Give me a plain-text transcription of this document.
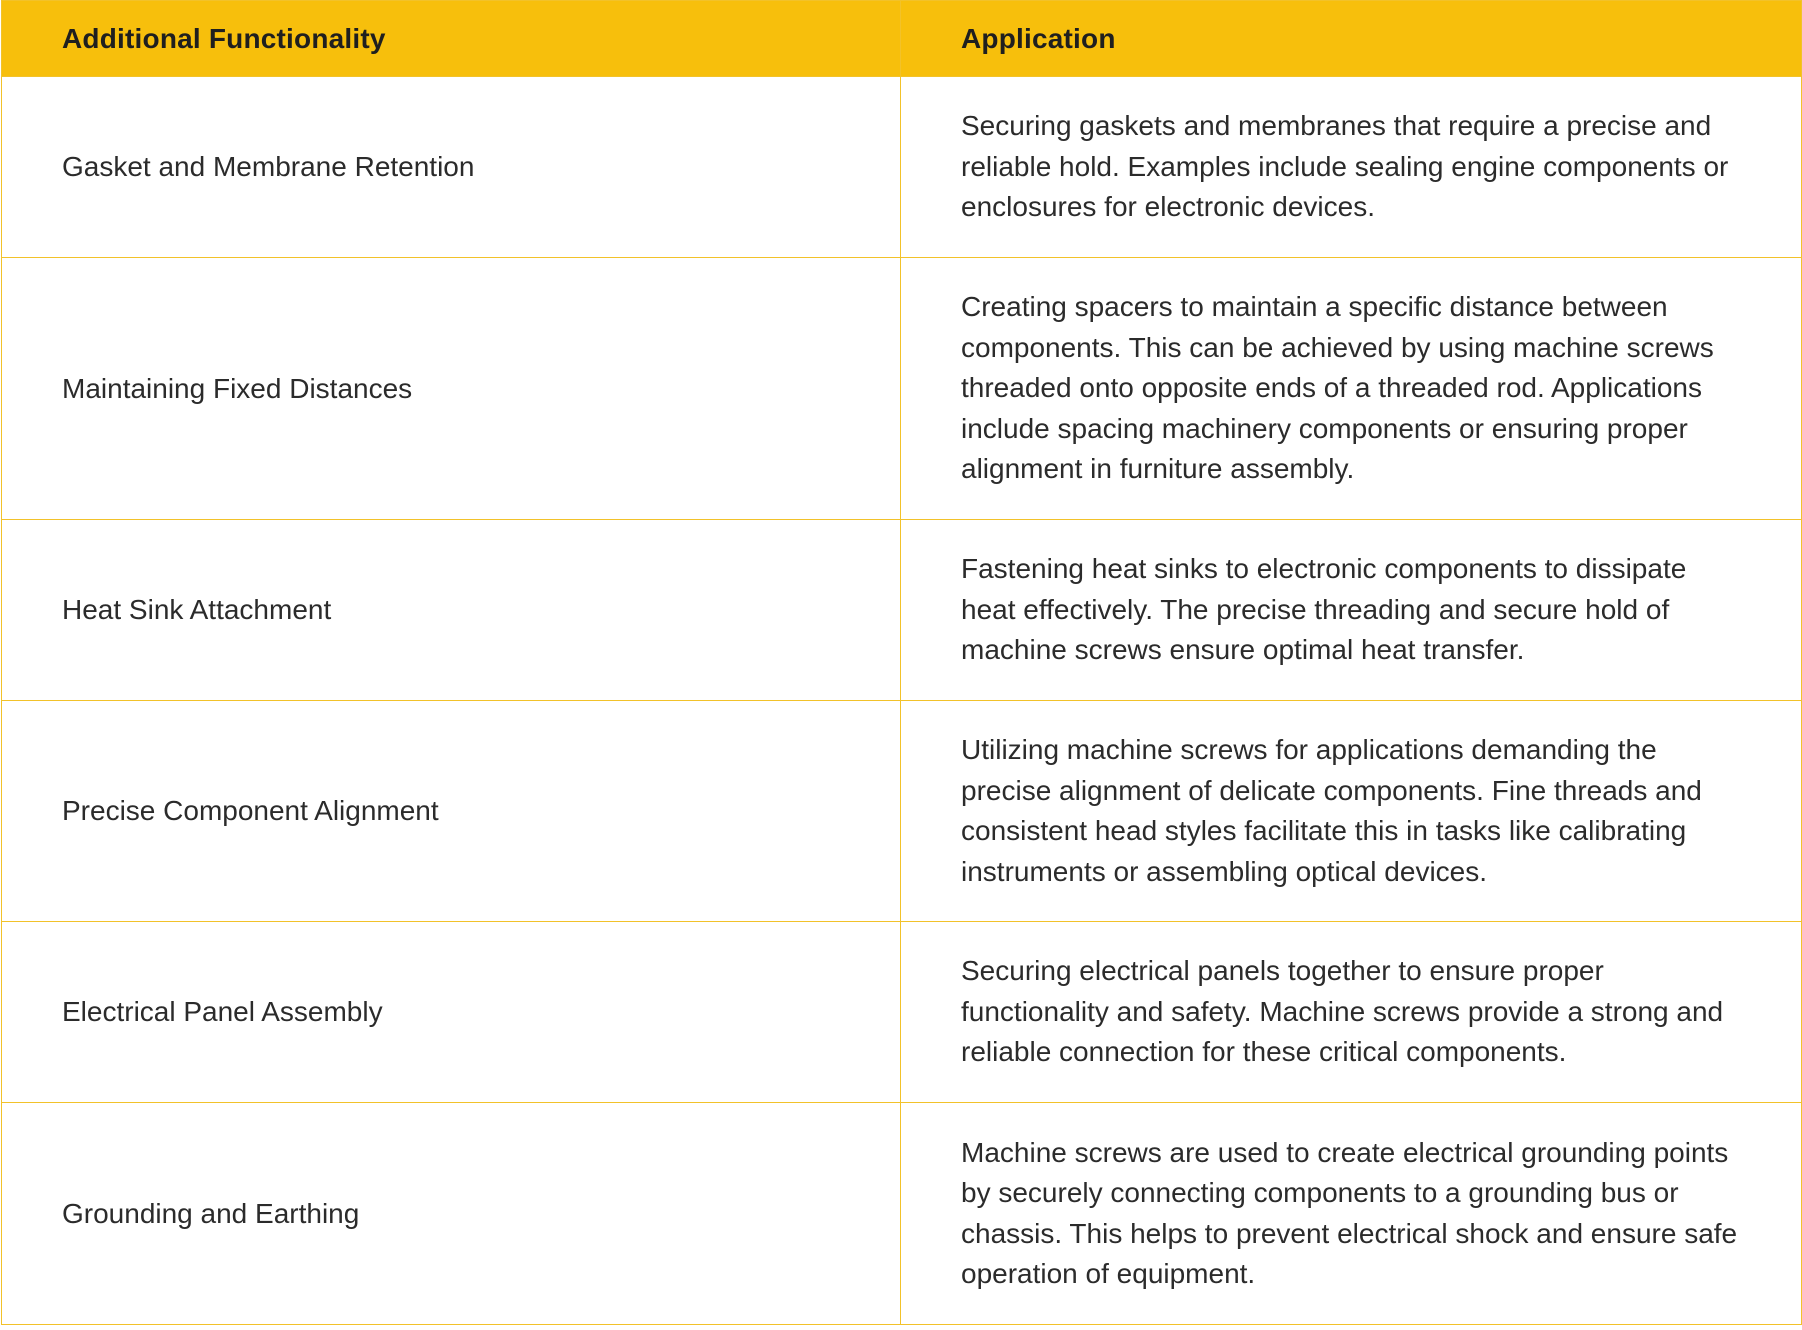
Additional Functionality	Application

Gasket and Membrane Retention	Securing gaskets and membranes that require a precise and reliable hold. Examples include sealing engine components or enclosures for electronic devices.

Maintaining Fixed Distances	Creating spacers to maintain a specific distance between components. This can be achieved by using machine screws threaded onto opposite ends of a threaded rod. Applications include spacing machinery components or ensuring proper alignment in furniture assembly.

Heat Sink Attachment	Fastening heat sinks to electronic components to dissipate heat effectively. The precise threading and secure hold of machine screws ensure optimal heat transfer.

Precise Component Alignment	Utilizing machine screws for applications demanding the precise alignment of delicate components. Fine threads and consistent head styles facilitate this in tasks like calibrating instruments or assembling optical devices.

Electrical Panel Assembly	Securing electrical panels together to ensure proper functionality and safety. Machine screws provide a strong and reliable connection for these critical components.

Grounding and Earthing	Machine screws are used to create electrical grounding points by securely connecting components to a grounding bus or chassis. This helps to prevent electrical shock and ensure safe operation of equipment.
